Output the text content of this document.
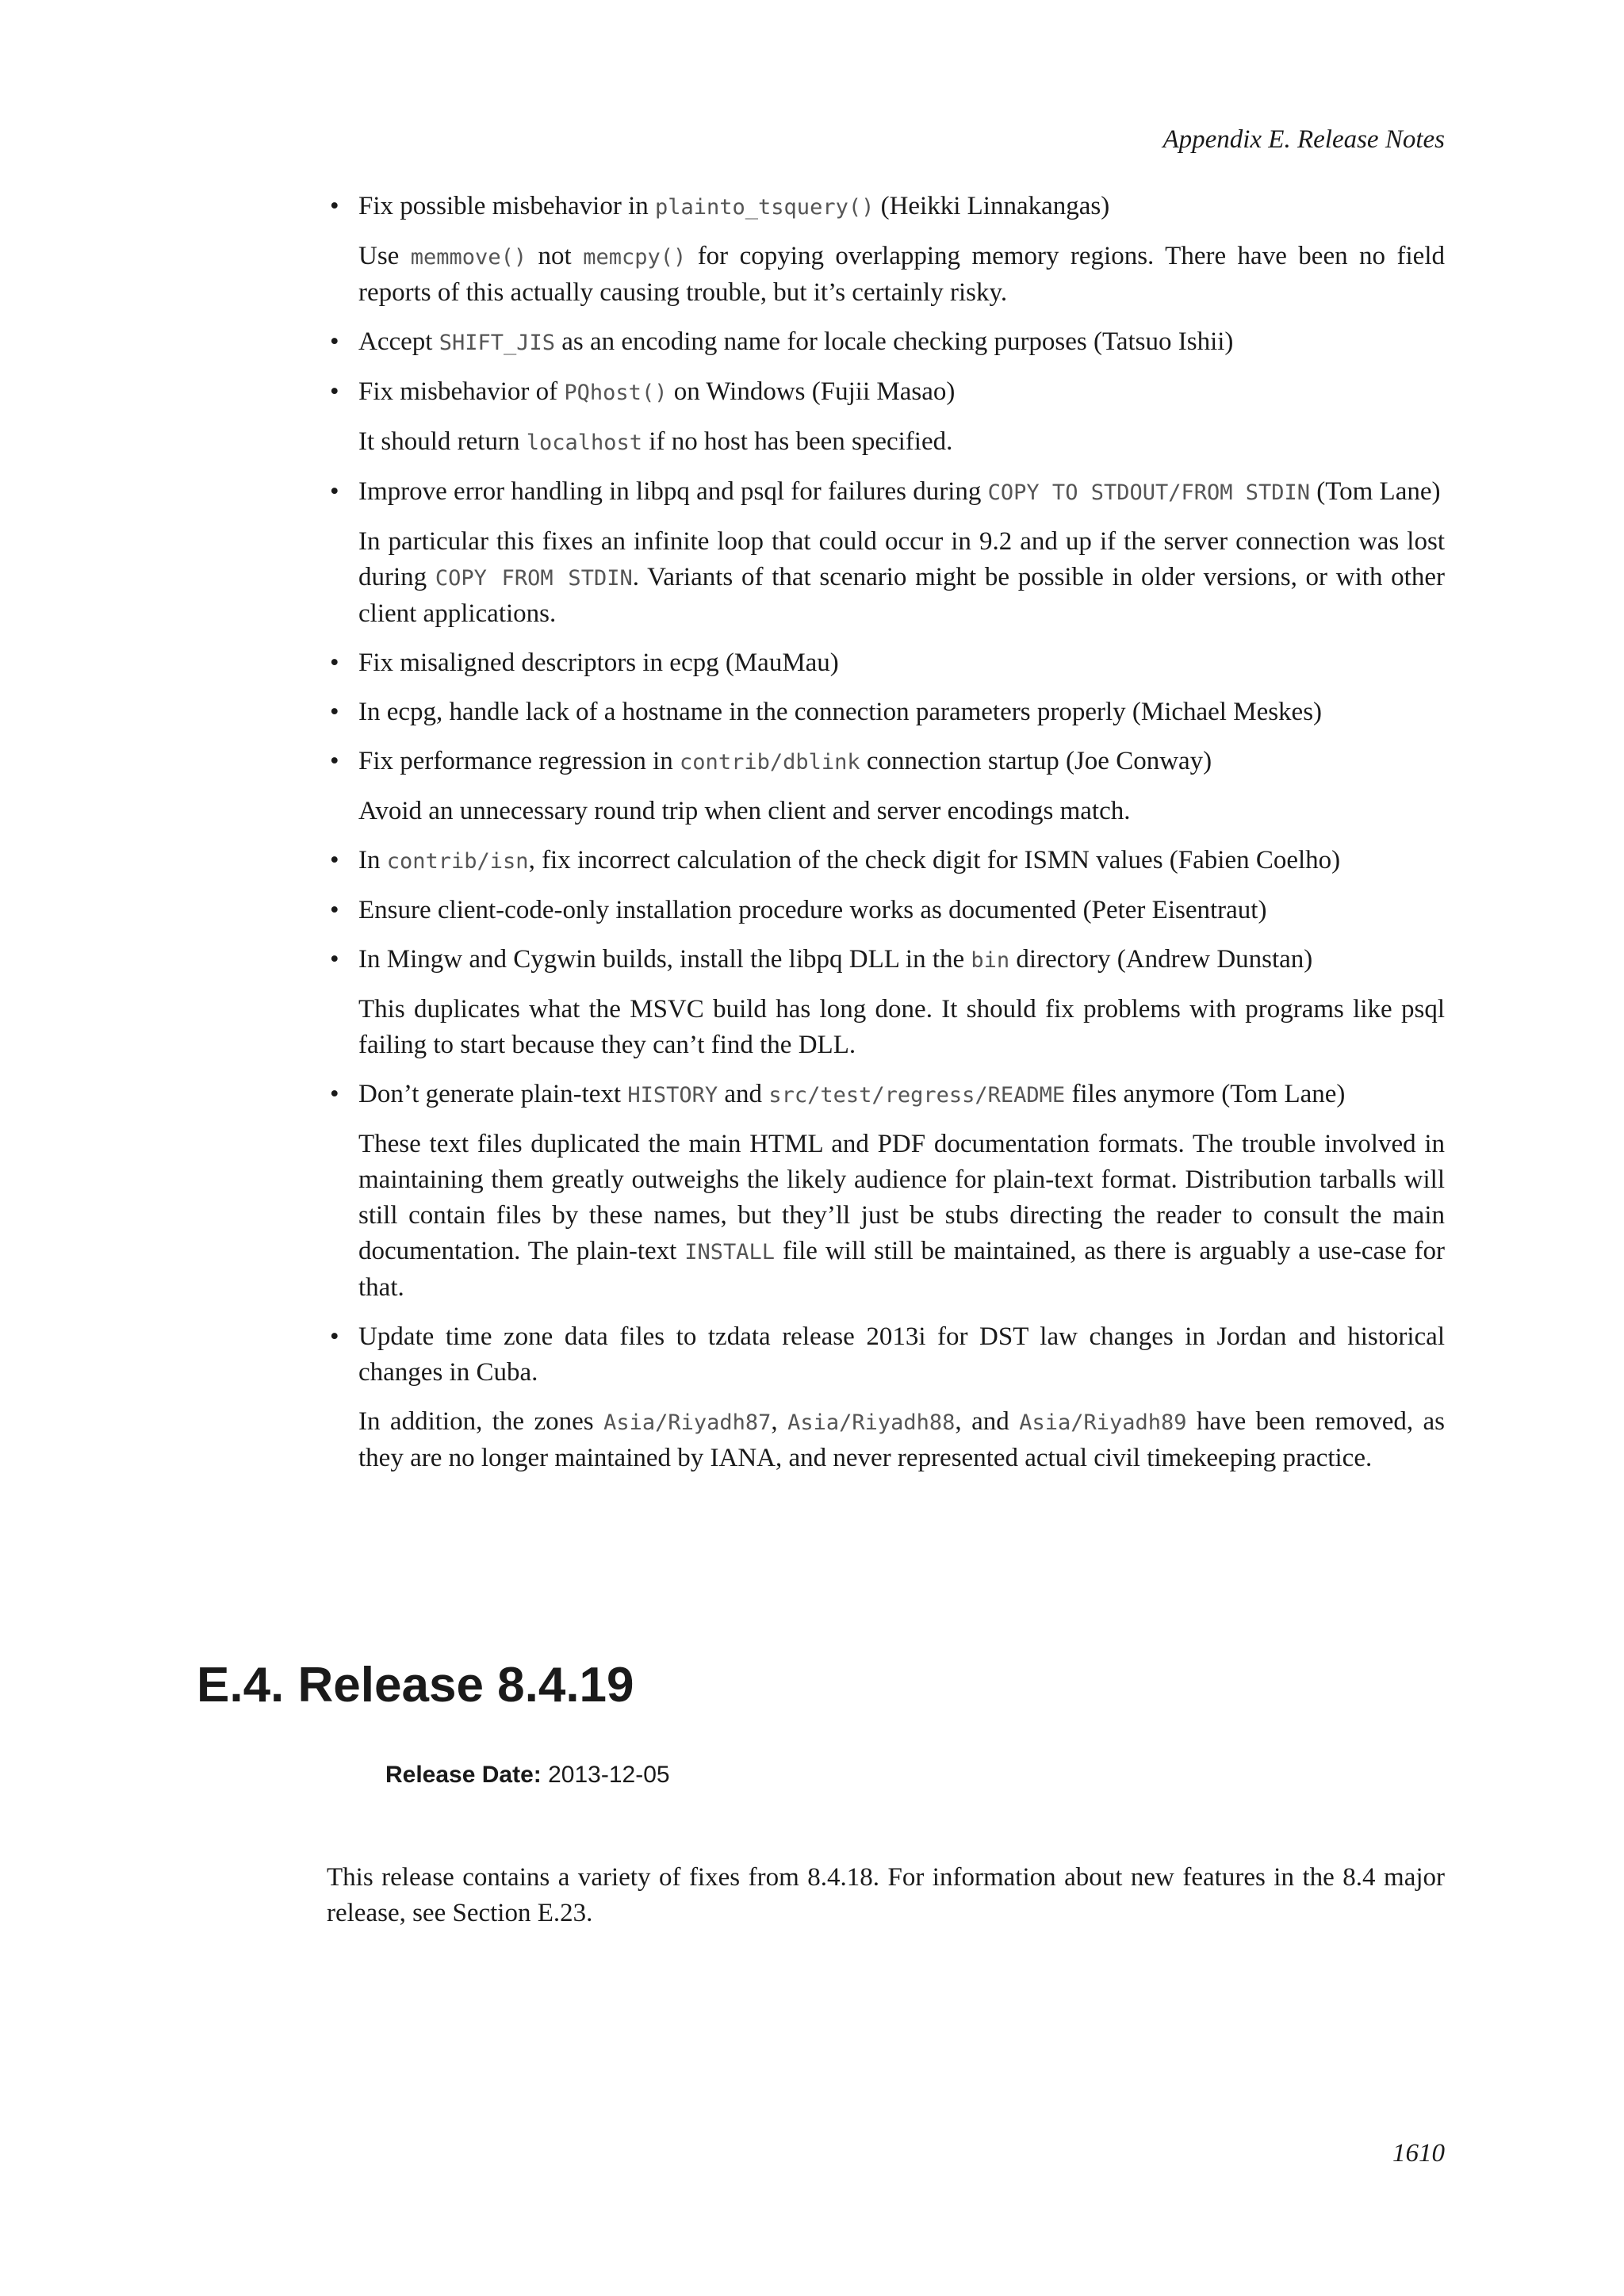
Appendix E. Release Notes
• Fix possible misbehavior in plainto_tsquery() (Heikki Linnakangas)

Use memmove() not memcpy() for copying overlapping memory regions. There have been no field reports of this actually causing trouble, but it’s certainly risky.

• Accept SHIFT_JIS as an encoding name for locale checking purposes (Tatsuo Ishii)

• Fix misbehavior of PQhost() on Windows (Fujii Masao)

It should return localhost if no host has been specified.

• Improve error handling in libpq and psql for failures during COPY TO STDOUT/FROM STDIN (Tom Lane)

In particular this fixes an infinite loop that could occur in 9.2 and up if the server connection was lost during COPY FROM STDIN. Variants of that scenario might be possible in older versions, or with other client applications.

• Fix misaligned descriptors in ecpg (MauMau)

• In ecpg, handle lack of a hostname in the connection parameters properly (Michael Meskes)

• Fix performance regression in contrib/dblink connection startup (Joe Conway)

Avoid an unnecessary round trip when client and server encodings match.

• In contrib/isn, fix incorrect calculation of the check digit for ISMN values (Fabien Coelho)

• Ensure client-code-only installation procedure works as documented (Peter Eisentraut)

• In Mingw and Cygwin builds, install the libpq DLL in the bin directory (Andrew Dunstan)

This duplicates what the MSVC build has long done. It should fix problems with programs like psql failing to start because they can’t find the DLL.

• Don’t generate plain-text HISTORY and src/test/regress/README files anymore (Tom Lane)

These text files duplicated the main HTML and PDF documentation formats. The trouble involved in maintaining them greatly outweighs the likely audience for plain-text format. Distribution tarballs will still contain files by these names, but they’ll just be stubs directing the reader to consult the main documentation. The plain-text INSTALL file will still be maintained, as there is arguably a use-case for that.

• Update time zone data files to tzdata release 2013i for DST law changes in Jordan and historical changes in Cuba.

In addition, the zones Asia/Riyadh87, Asia/Riyadh88, and Asia/Riyadh89 have been removed, as they are no longer maintained by IANA, and never represented actual civil timekeeping practice.

E.4. Release 8.4.19
Release Date: 2013-12-05

This release contains a variety of fixes from 8.4.18. For information about new features in the 8.4 major release, see Section E.23.

1610
